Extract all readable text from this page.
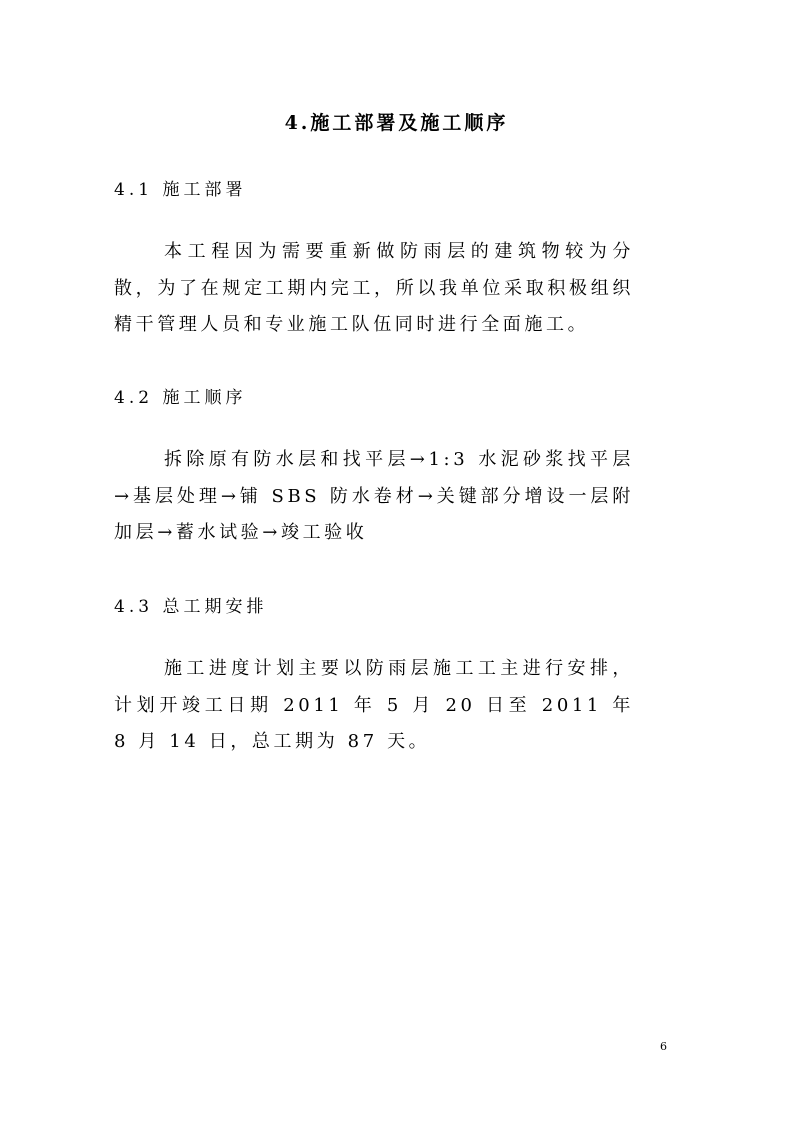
4.施工部署及施工顺序
4.1 施工部署
本工程因为需要重新做防雨层的建筑物较为分散，为了在规定工期内完工，所以我单位采取积极组织精干管理人员和专业施工队伍同时进行全面施工。
4.2 施工顺序
拆除原有防水层和找平层→1:3 水泥砂浆找平层→基层处理→铺 SBS 防水卷材→关键部分增设一层附加层→蓄水试验→竣工验收
4.3 总工期安排
施工进度计划主要以防雨层施工工主进行安排，计划开竣工日期 2011 年 5 月 20 日至 2011 年 8 月 14 日，总工期为 87 天。
6
